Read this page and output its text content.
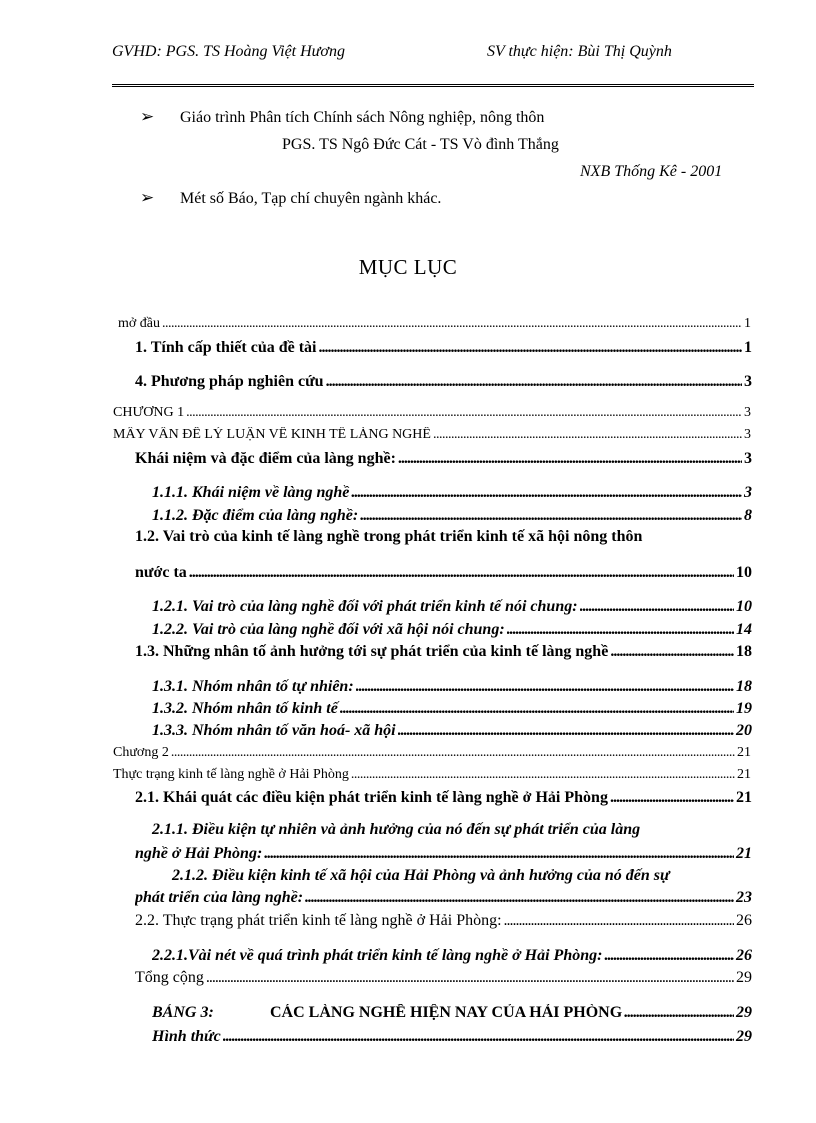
GVHD: PGS. TS Hoàng Việt Hương	SV thực hiện: Bùi Thị Quỳnh
➢ Giáo trình Phân tích Chính sách Nông nghiệp, nông thôn
PGS. TS Ngô Đức Cát - TS Vò đình Thắng
NXB Thống Kê - 2001
➢ Mét số Báo, Tạp chí chuyên ngành khác.
MỤC LỤC
mở đầu .....	1
1. Tính cấp thiết của đề tài .....	1
4. Phương pháp nghiên cứu .....	3
CHƯƠNG 1 .....	3
MẤY VẤN ĐỀ LÝ LUẬN VỀ KINH TẾ LÀNG NGHỀ .....	3
Khái niệm và đặc điểm của làng nghề: .....	3
1.1.1. Khái niệm về làng nghề .....	3
1.1.2. Đặc điểm của làng nghề: .....	8
1.2. Vai trò của kinh tế làng nghề trong phát triển kinh tế xã hội nông thôn
nước ta .....	10
1.2.1. Vai trò của làng nghề đối với phát triển kinh tế nói chung: .....	10
1.2.2. Vai trò của làng nghề đối với xã hội nói chung: .....	14
1.3. Những nhân tố ảnh hưởng tới sự phát triển của kinh tế làng nghề .....	18
1.3.1. Nhóm nhân tố tự nhiên: .....	18
1.3.2. Nhóm nhân tố kinh tế .....	19
1.3.3. Nhóm nhân tố văn hoá- xã hội .....	20
Chương 2 .....	21
Thực trạng kinh tế làng nghề ở Hải Phòng .....	21
2.1. Khái quát các điều kiện phát triển kinh tế làng nghề ở Hải Phòng .....	21
2.1.1. Điều kiện tự nhiên và ảnh hưởng của nó đến sự phát triển của làng
nghề ở Hải Phòng: .....	21
2.1.2. Điều kiện kinh tế xã hội của Hải Phòng và ảnh hưởng của nó đến sự
phát triển của làng nghề: .....	23
2.2. Thực trạng phát triển kinh tế làng nghề ở Hải Phòng: .....	26
2.2.1.Vài nét về quá trình phát triển kinh tế làng nghề ở Hải Phòng: .....	26
Tổng cộng .....	29
BẢNG 3:	CÁC LÀNG NGHỀ HIỆN NAY CỦA HẢI PHÒNG .....	29
Hình thức .....	29
